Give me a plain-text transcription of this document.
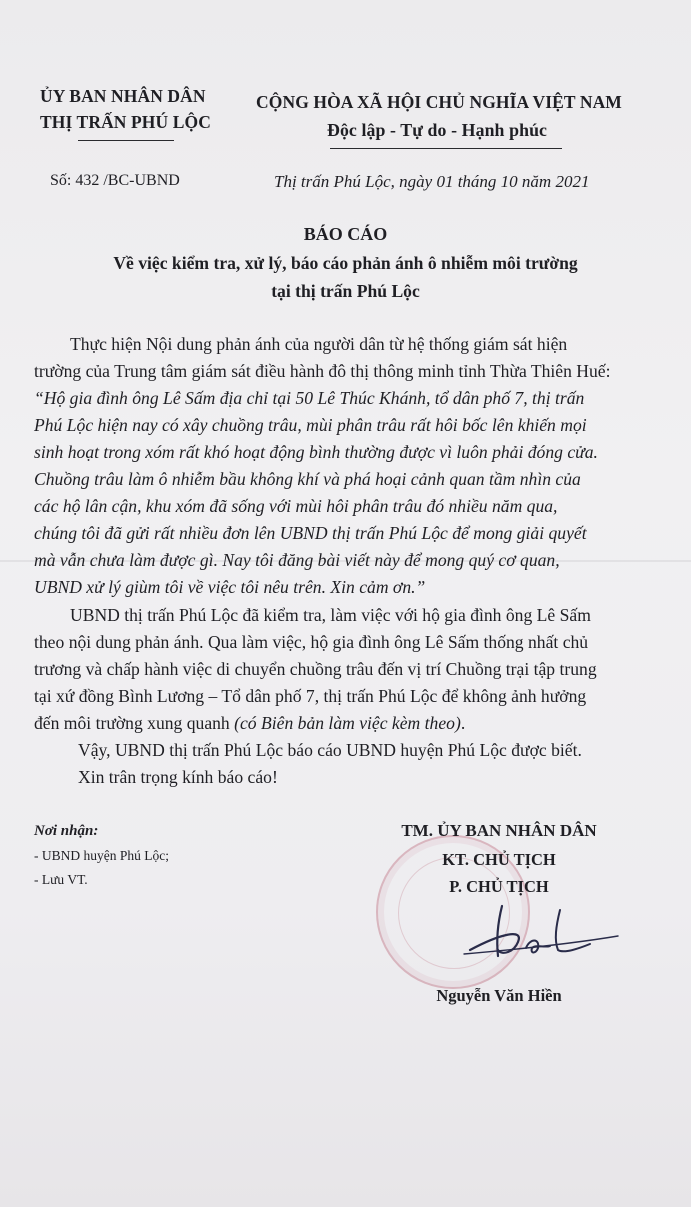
ỦY BAN NHÂN DÂN
THỊ TRẤN PHÚ LỘC
CỘNG HÒA XÃ HỘI CHỦ NGHĨA VIỆT NAM
Độc lập - Tự do - Hạnh phúc
Số: 432 /BC-UBND	Thị trấn Phú Lộc, ngày 01 tháng 10 năm 2021
BÁO CÁO
Về việc kiểm tra, xử lý, báo cáo phản ánh ô nhiễm môi trường
tại thị trấn Phú Lộc
Thực hiện Nội dung phản ánh của người dân từ hệ thống giám sát hiện
trường của Trung tâm giám sát điều hành đô thị thông minh tỉnh Thừa Thiên Huế:
“Hộ gia đình ông Lê Sấm địa chỉ tại 50 Lê Thúc Khánh, tổ dân phố 7, thị trấn
Phú Lộc hiện nay có xây chuồng trâu, mùi phân trâu rất hôi bốc lên khiến mọi
sinh hoạt trong xóm rất khó hoạt động bình thường được vì luôn phải đóng cửa.
Chuồng trâu làm ô nhiễm bầu không khí và phá hoại cảnh quan tầm nhìn của
các hộ lân cận, khu xóm đã sống với mùi hôi phân trâu đó nhiều năm qua,
chúng tôi đã gửi rất nhiều đơn lên UBND thị trấn Phú Lộc để mong giải quyết
mà vẫn chưa làm được gì. Nay tôi đăng bài viết này để mong quý cơ quan,
UBND xử lý giùm tôi về việc tôi nêu trên. Xin cảm ơn.”
UBND thị trấn Phú Lộc đã kiểm tra, làm việc với hộ gia đình ông Lê Sấm
theo nội dung phản ánh. Qua làm việc, hộ gia đình ông Lê Sấm thống nhất chủ
trương và chấp hành việc di chuyển chuồng trâu đến vị trí Chuồng trại tập trung
tại xứ đồng Bình Lương – Tổ dân phố 7, thị trấn Phú Lộc để không ảnh hưởng
đến môi trường xung quanh (có Biên bản làm việc kèm theo).
Vậy, UBND thị trấn Phú Lộc báo cáo UBND huyện Phú Lộc được biết.
Xin trân trọng kính báo cáo!
Nơi nhận:
- UBND huyện Phú Lộc;
- Lưu VT.
TM. ỦY BAN NHÂN DÂN
KT. CHỦ TỊCH
P. CHỦ TỊCH
Nguyễn Văn Hiền
